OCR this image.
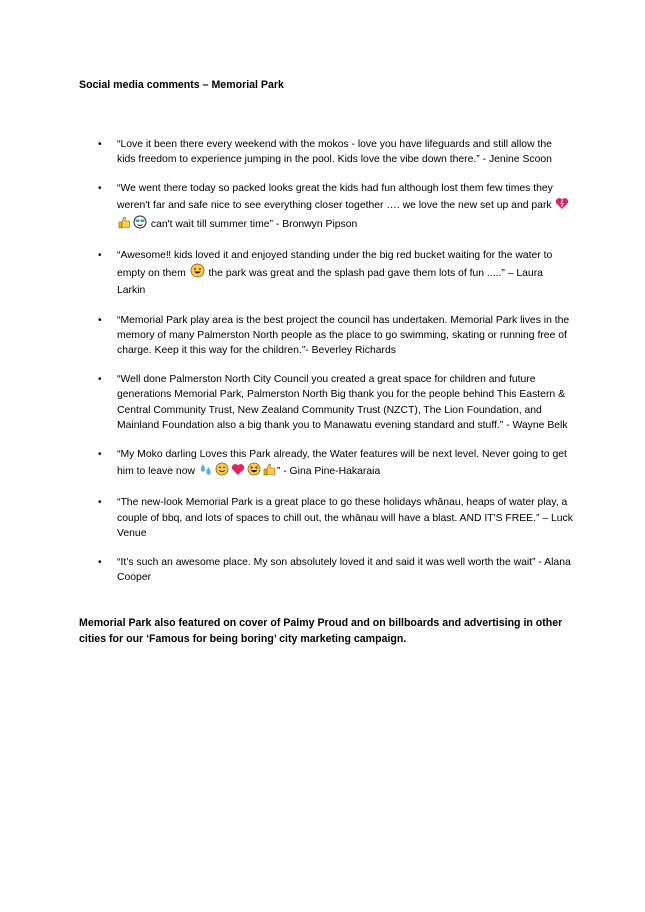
Social media comments – Memorial Park
• “Love it been there every weekend with the mokos - love you have lifeguards and still allow the kids freedom to experience jumping in the pool. Kids love the vibe down there.” - Jenine Scoon
• “We went there today so packed looks great the kids had fun although lost them few times they weren't far and safe nice to see everything closer together …. we love the new set up and park  can't wait till summer time” - Bronwyn Pipson
• “Awesome‼ kids loved it and enjoyed standing under the big red bucket waiting for the water to empty on them  the park was great and the splash pad gave them lots of fun .....” – Laura Larkin
• “Memorial Park play area is the best project the council has undertaken. Memorial Park lives in the memory of many Palmerston North people as the place to go swimming, skating or running free of charge. Keep it this way for the children.”- Beverley Richards
• “Well done Palmerston North City Council you created a great space for children and future generations Memorial Park, Palmerston North Big thank you for the people behind This Eastern & Central Community Trust, New Zealand Community Trust (NZCT), The Lion Foundation, and Mainland Foundation also a big thank you to Manawatu evening standard and stuff.” - Wayne Belk
• “My Moko darling Loves this Park already, the Water features will be next level. Never going to get him to leave now	” - Gina Pine-Hakaraia
• “The new-look Memorial Park is a great place to go these holidays whānau, heaps of water play, a couple of bbq, and lots of spaces to chill out, the whānau will have a blast. AND IT'S FREE.” – Luck Venue
• “It’s such an awesome place. My son absolutely loved it and said it was well worth the wait” - Alana Cooper
Memorial Park also featured on cover of Palmy Proud and on billboards and advertising in other cities for our ‘Famous for being boring’ city marketing campaign.
